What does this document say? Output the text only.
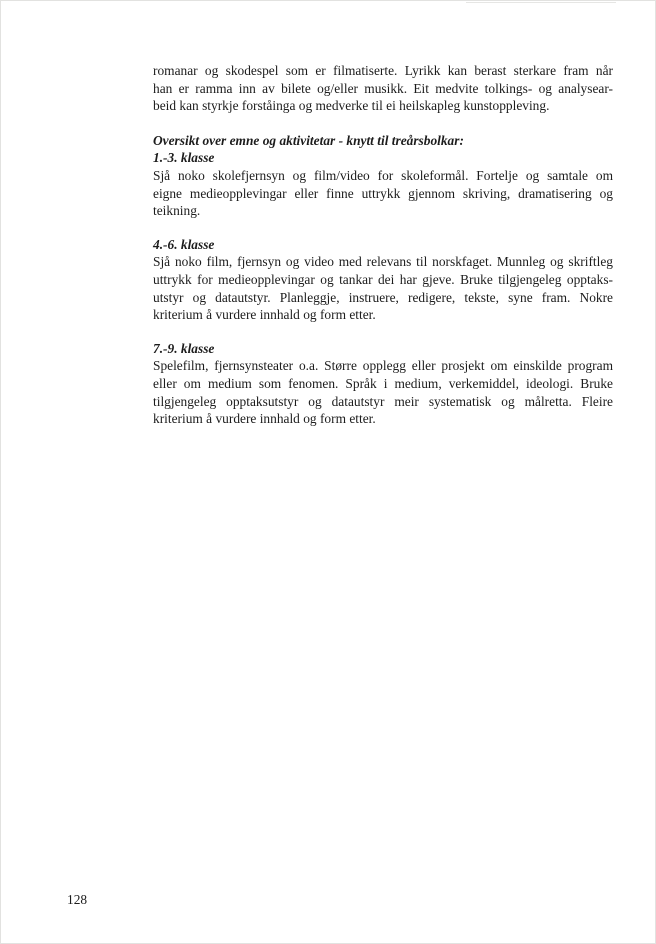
romanar og skodespel som er filmatiserte. Lyrikk kan berast sterkare fram når
han er ramma inn av bilete og/eller musikk. Eit medvite tolkings- og analysear-
beid kan styrkje forståinga og medverke til ei heilskapleg kunstoppleving.

Oversikt over emne og aktivitetar - knytt til treårsbolkar:

1.-3. klasse

Sjå noko skolefjernsyn og film/video for skoleformål. Fortelje og samtale om
eigne medieopplevingar eller finne uttrykk gjennom skriving, dramatisering og
teikning.

4.-6. klasse

Sjå noko film, fjernsyn og video med relevans til norskfaget. Munnleg og skriftleg
uttrykk for medieopplevingar og tankar dei har gjeve. Bruke tilgjengeleg opptaks-
utstyr og datautstyr. Planleggje, instruere, redigere, tekste, syne fram. Nokre
kriterium å vurdere innhald og form etter.

7.-9. klasse

Spelefilm, fjernsynsteater o.a. Større opplegg eller prosjekt om einskilde program
eller om medium som fenomen. Språk i medium, verkemiddel, ideologi. Bruke
tilgjengeleg opptaksutstyr og datautstyr meir systematisk og målretta. Fleire
kriterium å vurdere innhald og form etter.

128
